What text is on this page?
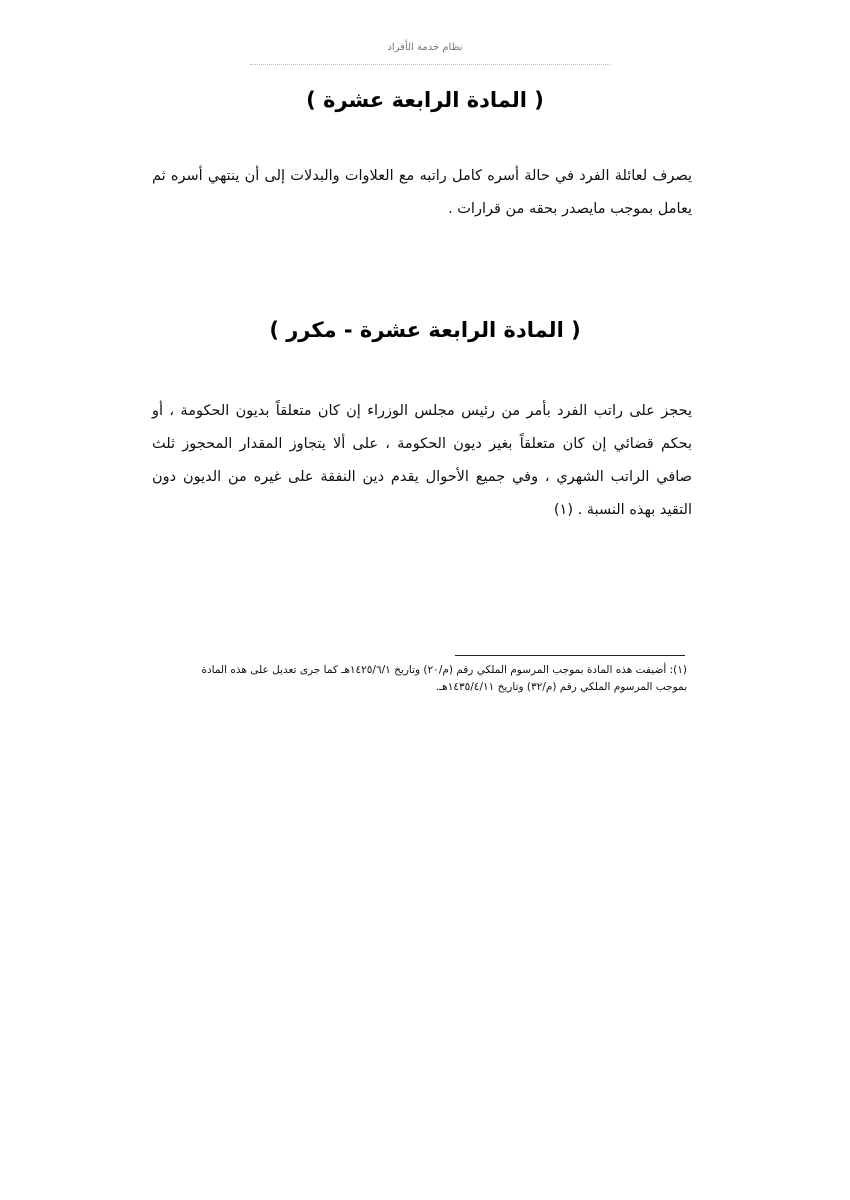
نظام خدمة الأفراد
( المادة الرابعة عشرة )
يصرف لعائلة الفرد في حالة أسره كامل راتبه مع العلاوات والبدلات إلى أن ينتهي أسره ثم يعامل بموجب مايصدر بحقه من قرارات .
( المادة الرابعة عشرة - مكرر )
يحجز على راتب الفرد بأمر من رئيس مجلس الوزراء إن كان متعلقاً بديون الحكومة ، أو بحكم قضائي إن كان متعلقاً بغير ديون الحكومة ، على ألا يتجاوز المقدار المحجوز ثلث صافي الراتب الشهري ، وفي جميع الأحوال يقدم دين النفقة على غيره من الديون دون التقيد بهذه النسبة . (١)
(١): أضيفت هذه المادة بموجب المرسوم الملكي رقم (م/٢٠) وتاريخ ١٤٢٥/٦/١هـ كما جرى تعديل على هذه المادة بموجب المرسوم الملكي رقم (م/٣٢) وتاريخ ١٤٣٥/٤/١١هـ.
